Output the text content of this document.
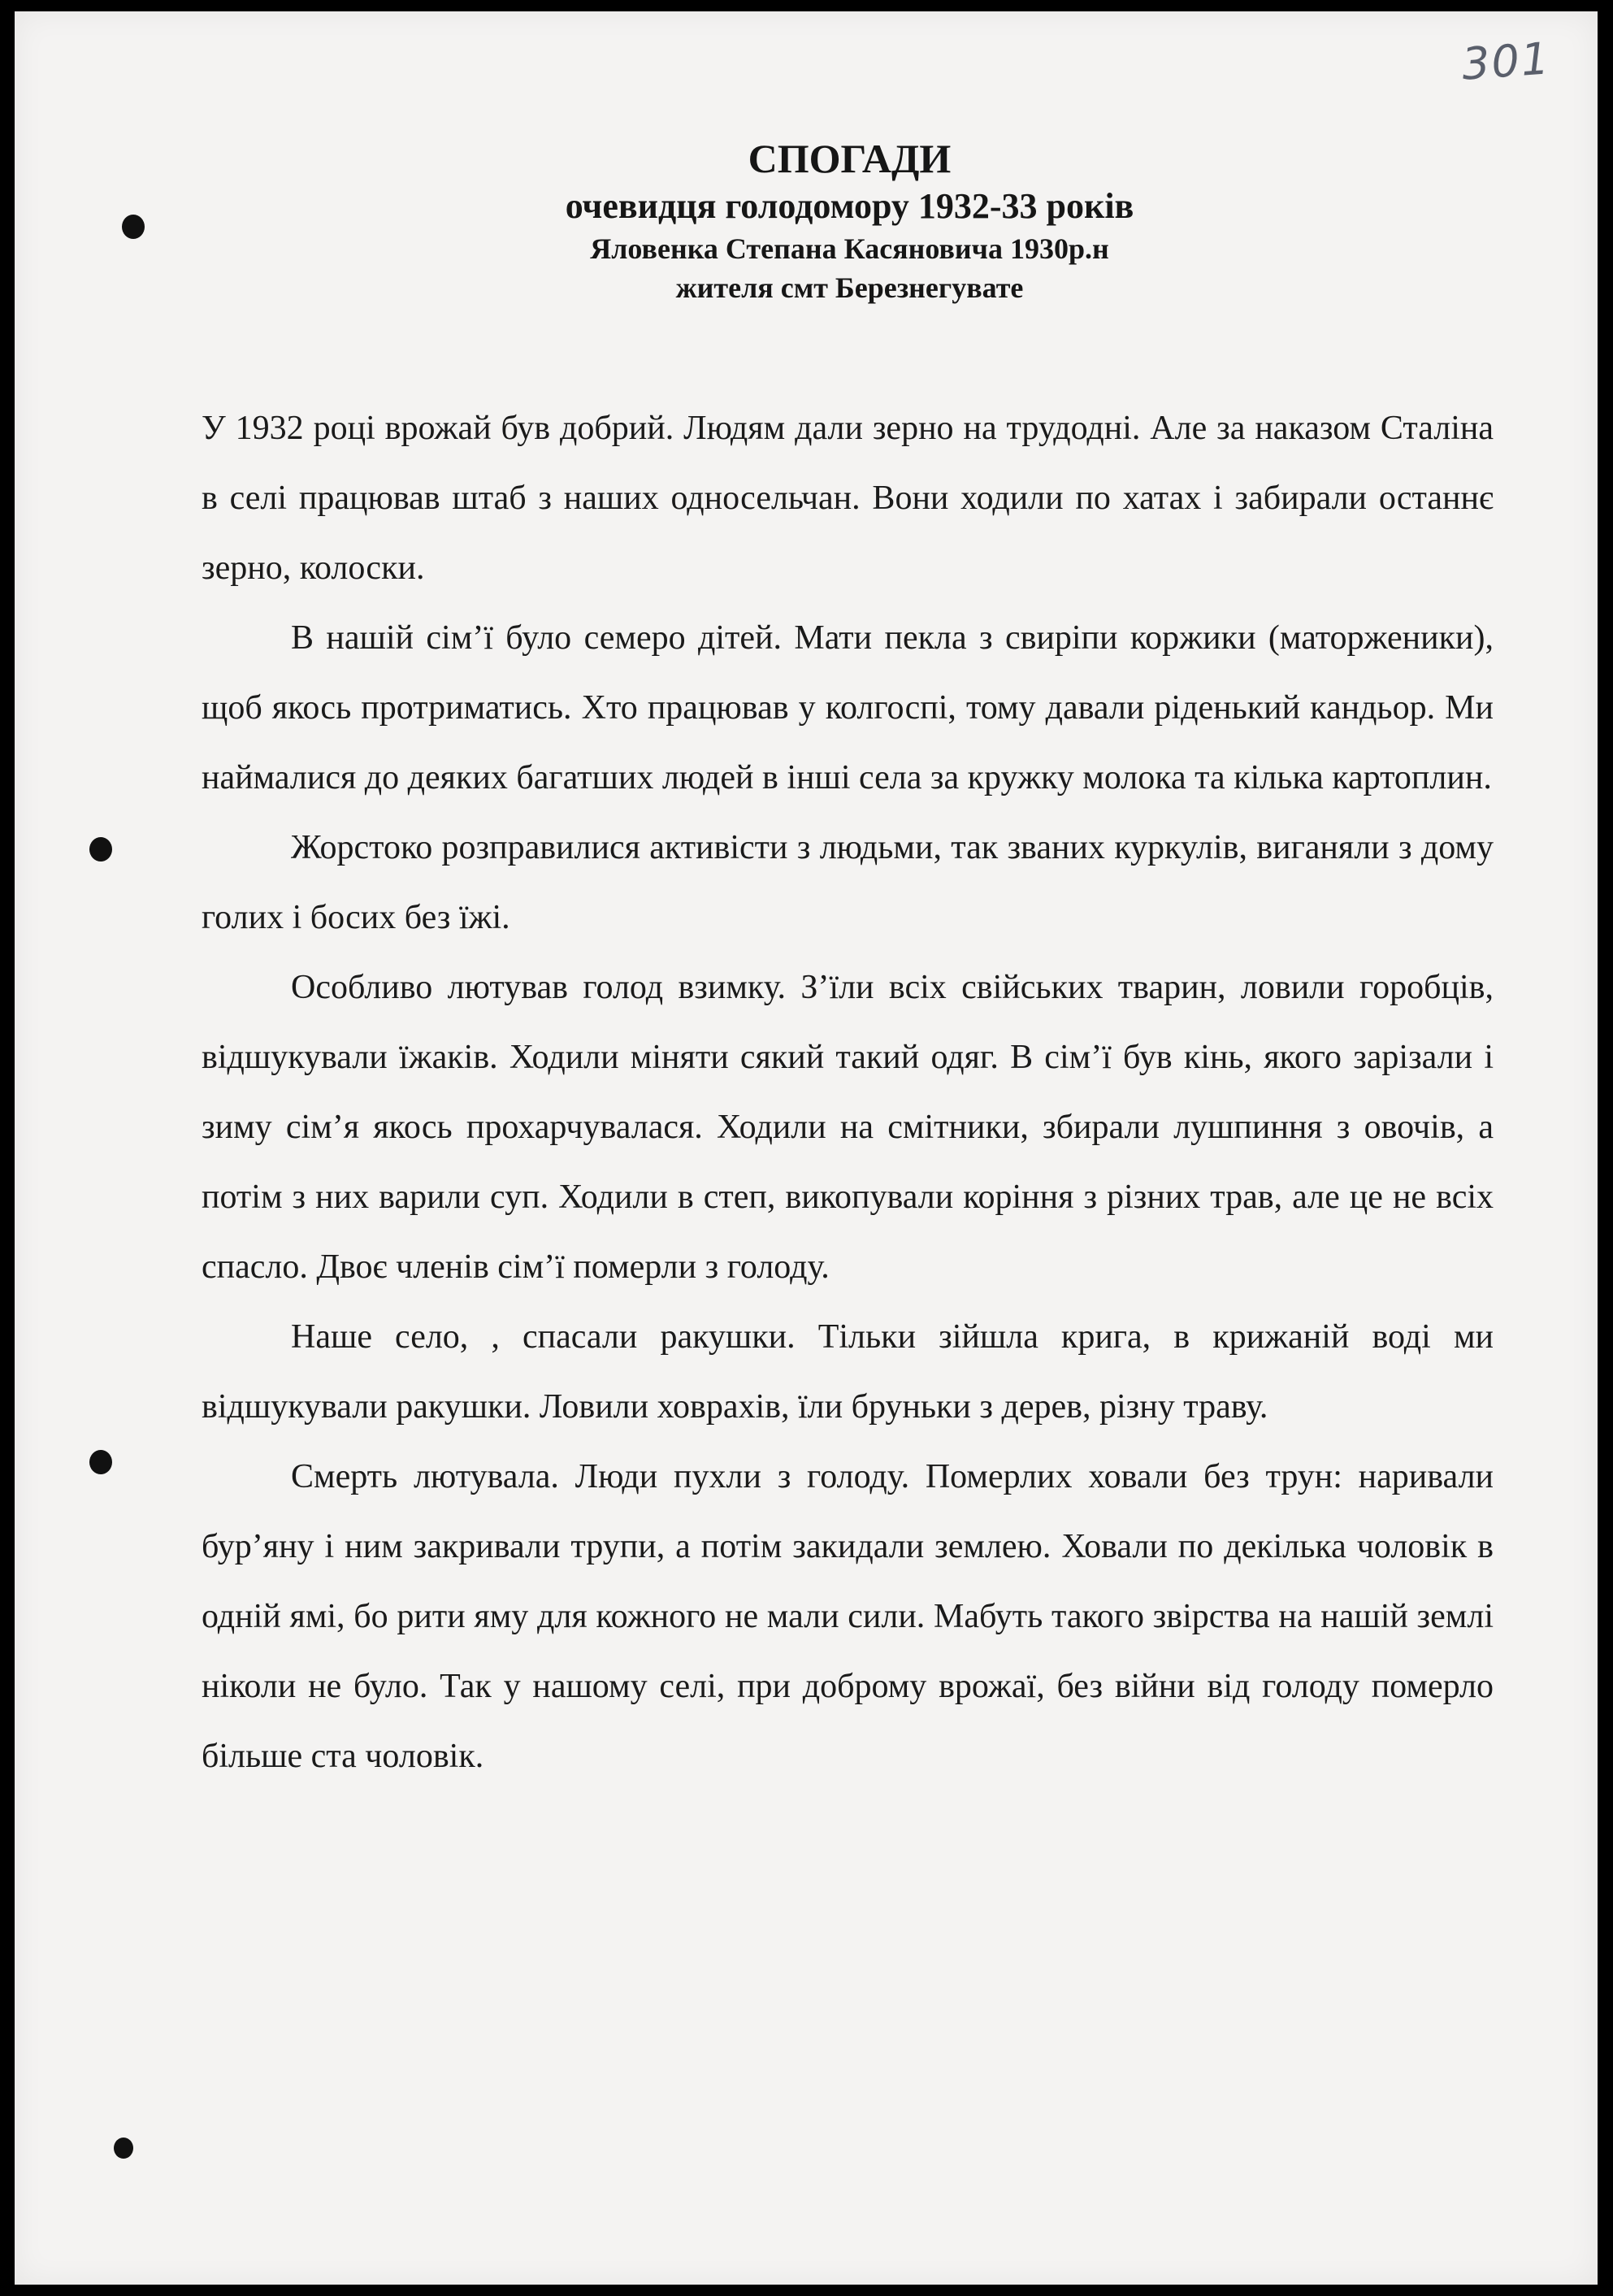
301
СПОГАДИ
очевидця голодомору 1932-33 років
Яловенка Степана Касяновича 1930р.н
жителя смт Березнегувате

У 1932 році врожай був добрий. Людям дали зерно на трудодні. Але за наказом Сталіна в селі працював штаб з наших односельчан. Вони ходили по хатах і забирали останнє зерно, колоски.

В нашій сім’ї було семеро дітей. Мати пекла з свиріпи коржики (маторженики), щоб якось протриматись. Хто працював у колгоспі, тому давали ріденький кандьор. Ми наймалися до деяких багатших людей в інші села за кружку молока та кілька картоплин.

Жорстоко розправилися активісти з людьми, так званих куркулів, виганяли з дому голих і босих без їжі.

Особливо лютував голод взимку. З’їли всіх свійських тварин, ловили горобців, відшукували їжаків. Ходили міняти сякий такий одяг. В сім’ї був кінь, якого зарізали і зиму сім’я якось прохарчувалася. Ходили на смітники, збирали лушпиння з овочів, а потім з них варили суп. Ходили в степ, викопували коріння з різних трав, але це не всіх спасло. Двоє членів сім’ї померли з голоду.

Наше село, , спасали ракушки. Тільки зійшла крига, в крижаній воді ми відшукували ракушки. Ловили ховрахів, їли бруньки з дерев, різну траву.

Смерть лютувала. Люди пухли з голоду. Померлих ховали без трун: наривали бур’яну і ним закривали трупи, а потім закидали землею. Ховали по декілька чоловік в одній ямі, бо рити яму для кожного не мали сили. Мабуть такого звірства на нашій землі ніколи не було. Так у нашому селі, при доброму врожаї, без війни від голоду померло більше ста чоловік.
